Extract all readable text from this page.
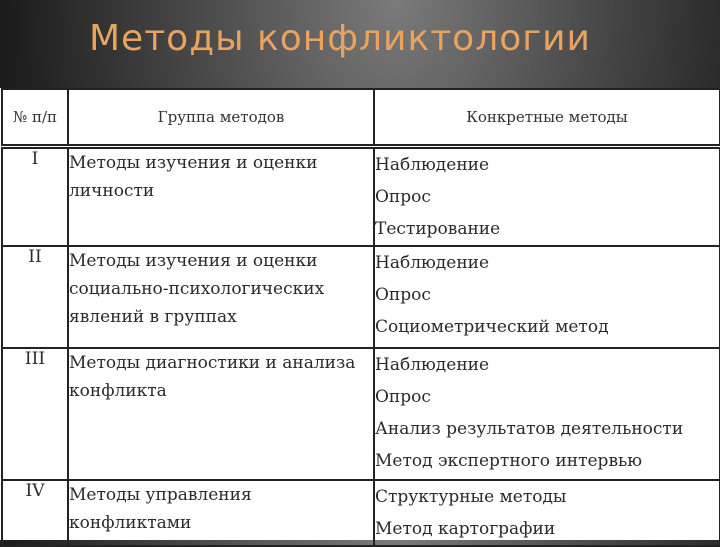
Методы конфликтологии
№ п/п	Группа методов	Конкретные методы
I	Методы изучения и оценки личности	Наблюдение
Опрос
Тестирование

II	Методы изучения и оценки социально-психологических явлений в группах	Наблюдение
Опрос
Социометрический метод

III	Методы диагностики и анализа конфликта	Наблюдение
Опрос
Анализ результатов деятельности
Метод экспертного интервью

IV	Методы управления конфликтами	Структурные методы
Метод картографии
